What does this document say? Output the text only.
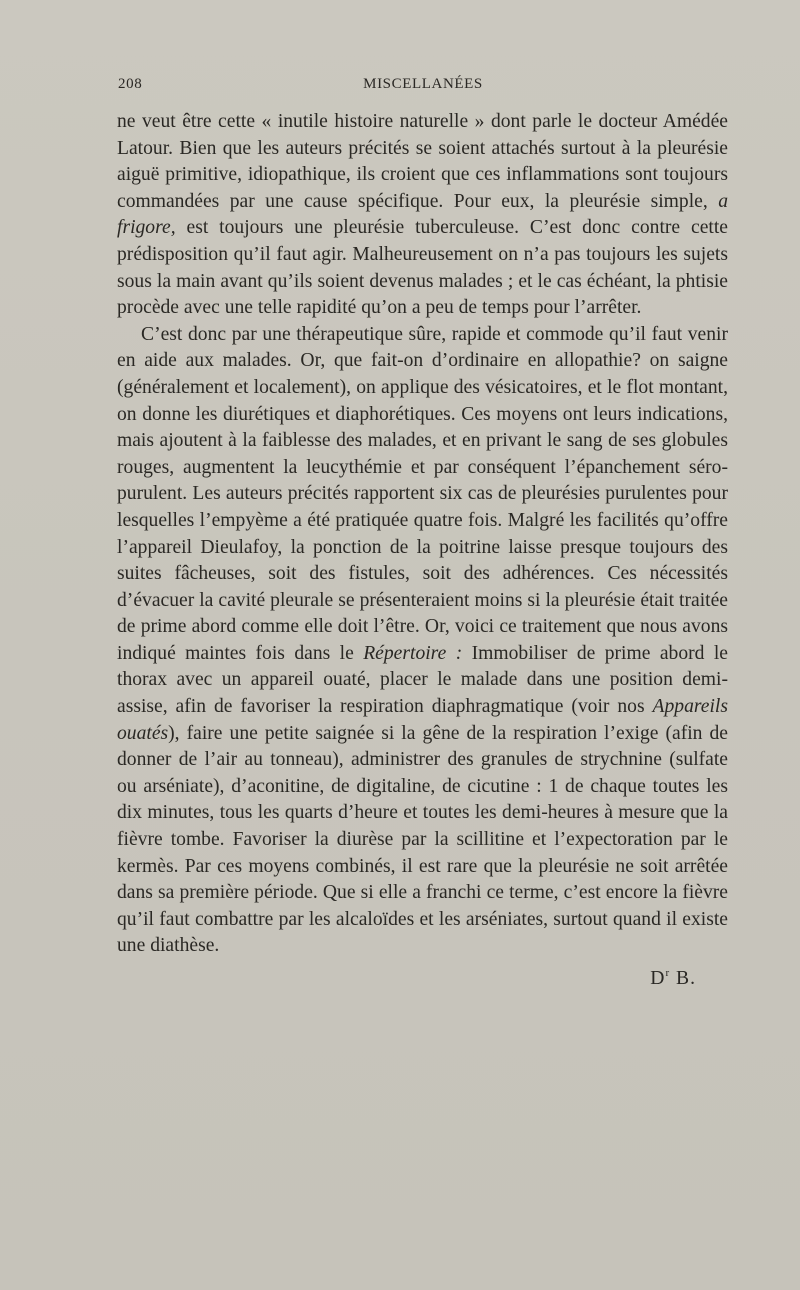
208	MISCELLANÉES

ne veut être cette « inutile histoire naturelle » dont parle le docteur Amédée Latour. Bien que les auteurs précités se soient attachés surtout à la pleurésie aiguë primitive, idiopathique, ils croient que ces inflammations sont toujours commandées par une cause spécifique. Pour eux, la pleurésie simple, a frigore, est toujours une pleurésie tuberculeuse. C’est donc contre cette prédisposition qu’il faut agir. Malheureusement on n’a pas toujours les sujets sous la main avant qu’ils soient devenus malades ; et le cas échéant, la phtisie procède avec une telle rapidité qu’on a peu de temps pour l’arrêter.

C’est donc par une thérapeutique sûre, rapide et commode qu’il faut venir en aide aux malades. Or, que fait-on d’ordinaire en allopathie? on saigne (généralement et localement), on applique des vésicatoires, et le flot montant, on donne les diurétiques et diaphorétiques. Ces moyens ont leurs indications, mais ajoutent à la faiblesse des malades, et en privant le sang de ses globules rouges, augmentent la leucythémie et par conséquent l’épanchement séro-purulent. Les auteurs précités rapportent six cas de pleurésies purulentes pour lesquelles l’empyème a été pratiquée quatre fois. Malgré les facilités qu’offre l’appareil Dieulafoy, la ponction de la poitrine laisse presque toujours des suites fâcheuses, soit des fistules, soit des adhérences. Ces nécessités d’évacuer la cavité pleurale se présenteraient moins si la pleurésie était traitée de prime abord comme elle doit l’être. Or, voici ce traitement que nous avons indiqué maintes fois dans le Répertoire : Immobiliser de prime abord le thorax avec un appareil ouaté, placer le malade dans une position demi-assise, afin de favoriser la respiration diaphragmatique (voir nos Appareils ouatés), faire une petite saignée si la gêne de la respiration l’exige (afin de donner de l’air au tonneau), administrer des granules de strychnine (sulfate ou arséniate), d’aconitine, de digitaline, de cicutine : 1 de chaque toutes les dix minutes, tous les quarts d’heure et toutes les demi-heures à mesure que la fièvre tombe. Favoriser la diurèse par la scillitine et l’expectoration par le kermès. Par ces moyens combinés, il est rare que la pleurésie ne soit arrêtée dans sa première période. Que si elle a franchi ce terme, c’est encore la fièvre qu’il faut combattre par les alcaloïdes et les arséniates, surtout quand il existe une diathèse.

$D^r$ B.
